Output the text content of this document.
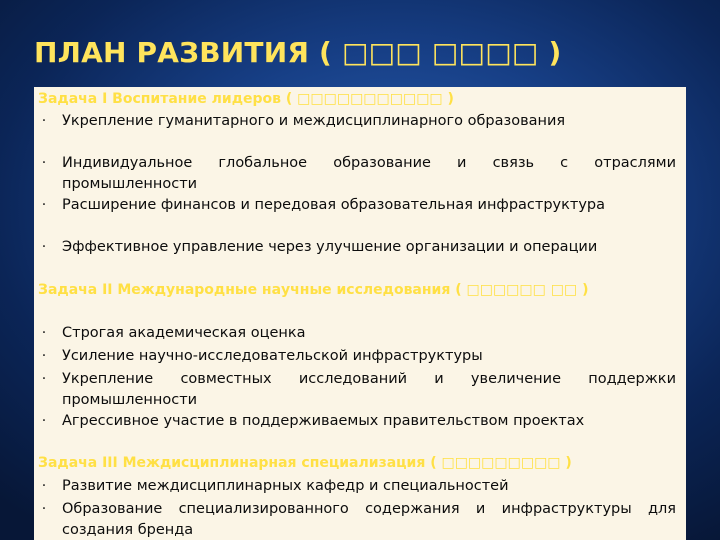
ПЛАН РАЗВИТИЯ ( □□□ □□□□ )
Задача I Воспитание лидеров ( □□□□□□□□□□□ )
·	Укрепление гуманитарного и междисциплинарного образования

·	Индивидуальное глобальное образование и связь с отраслями промышленности

·	Расширение финансов и передовая образовательная инфраструктура

·	Эффективное управление через улучшение организации и операции

Задача II Международные научные исследования ( □□□□□□ □□ )
·	Строгая академическая оценка

·	Усиление научно-исследовательской инфраструктуры

·	Укрепление совместных исследований и увеличение поддержки промышленности

·	Агрессивное участие в поддерживаемых правительством проектах

Задача III Междисциплинарная специализация ( □□□□□□□□□ )
·	Развитие междисциплинарных кафедр и специальностей

·	Образование специализированного содержания и инфраструктуры для создания бренда
